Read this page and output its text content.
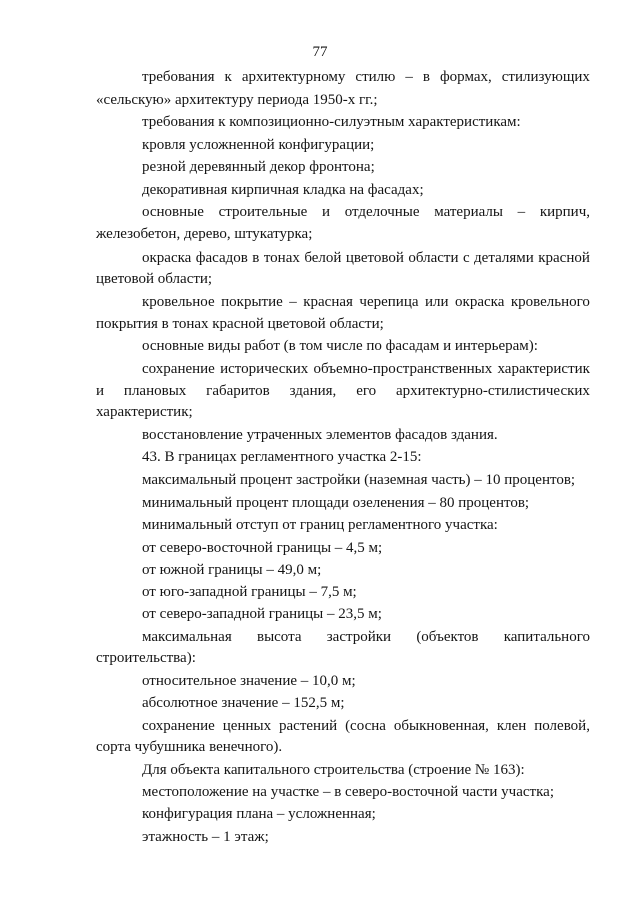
77
требования к архитектурному стилю – в формах, стилизующих
«сельскую» архитектуру периода 1950-х гг.;
требования к композиционно-силуэтным характеристикам:
кровля усложненной конфигурации;
резной деревянный декор фронтона;
декоративная кирпичная кладка на фасадах;
основные строительные и отделочные материалы – кирпич,
железобетон, дерево, штукатурка;
окраска фасадов в тонах белой цветовой области с деталями красной
цветовой области;
кровельное покрытие – красная черепица или окраска кровельного
покрытия в тонах красной цветовой области;
основные виды работ (в том числе по фасадам и интерьерам):
сохранение исторических объемно-пространственных характеристик
и плановых габаритов здания, его архитектурно-стилистических
характеристик;
восстановление утраченных элементов фасадов здания.
43. В границах регламентного участка 2-15:
максимальный процент застройки (наземная часть) – 10 процентов;
минимальный процент площади озеленения – 80 процентов;
минимальный отступ от границ регламентного участка:
от северо-восточной границы – 4,5 м;
от южной границы – 49,0 м;
от юго-западной границы – 7,5 м;
от северо-западной границы – 23,5 м;
максимальная высота застройки (объектов капитального
строительства):
относительное значение – 10,0 м;
абсолютное значение – 152,5 м;
сохранение ценных растений (сосна обыкновенная, клен полевой,
сорта чубушника венечного).
Для объекта капитального строительства (строение № 163):
местоположение на участке – в северо-восточной части участка;
конфигурация плана – усложненная;
этажность – 1 этаж;
